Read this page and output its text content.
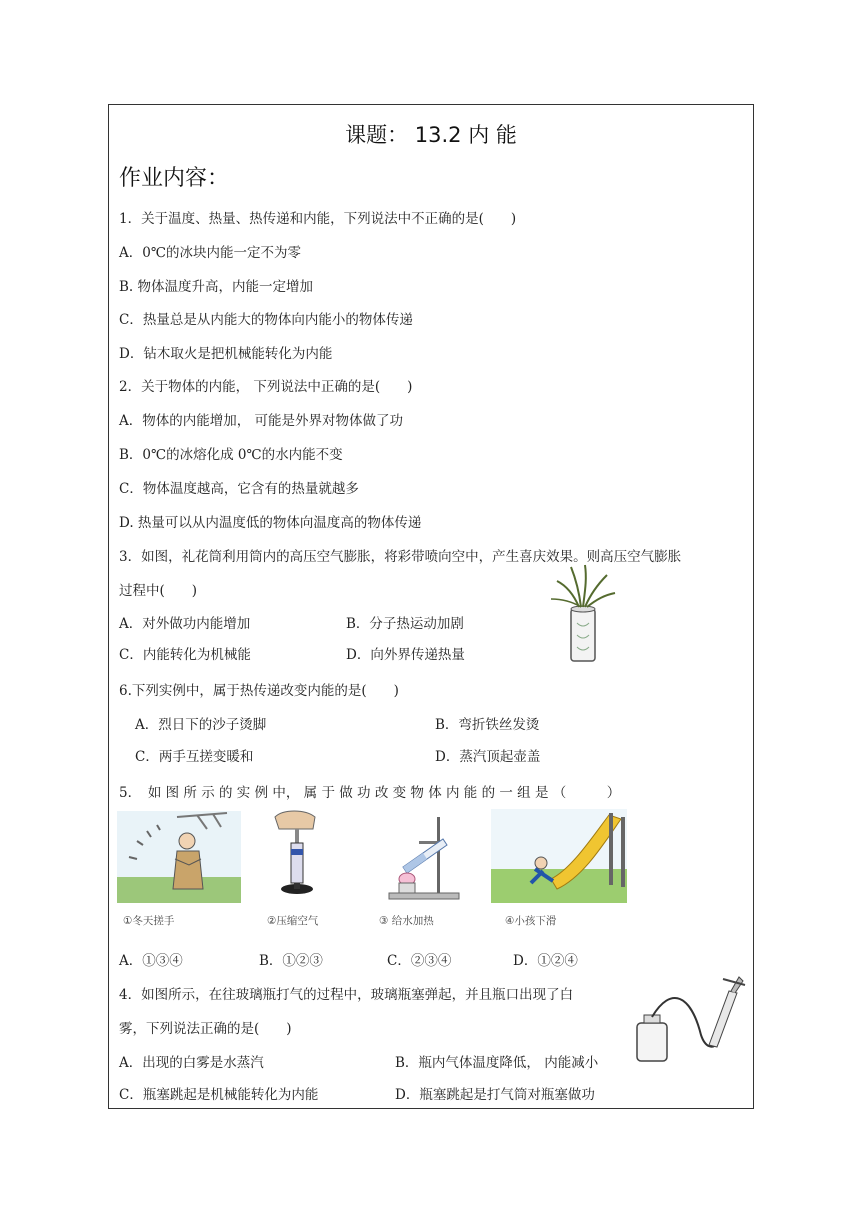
课题： 13.2 内 能
作业内容：
1．关于温度、热量、热传递和内能，下列说法中不正确的是(　　)
A．0℃的冰块内能一定不为零
B. 物体温度升高，内能一定增加
C．热量总是从内能大的物体向内能小的物体传递
D．钻木取火是把机械能转化为内能
2．关于物体的内能， 下列说法中正确的是(　　)
A．物体的内能增加， 可能是外界对物体做了功
B．0℃的冰熔化成 0℃的水内能不变
C．物体温度越高，它含有的热量就越多
D. 热量可以从内温度低的物体向温度高的物体传递
3．如图，礼花筒利用筒内的高压空气膨胀，将彩带喷向空中，产生喜庆效果。则高压空气膨胀
过程中(　　)
A．对外做功内能增加	B．分子热运动加剧
C．内能转化为机械能	D．向外界传递热量
6.下列实例中，属于热传递改变内能的是(　　)
A．烈日下的沙子烫脚	B．弯折铁丝发烫
C．两手互搓变暖和	D．蒸汽顶起壶盖
5．　如 图 所 示 的 实 例 中， 属 于 做 功 改 变 物 体 内 能 的 一 组 是 （　　　）
①冬天搓手	②压缩空气	③ 给水加热	④小孩下滑
A．①③④	B．①②③	C．②③④	D．①②④
4．如图所示，在往玻璃瓶打气的过程中，玻璃瓶塞弹起，并且瓶口出现了白
雾，下列说法正确的是(　　)
A．出现的白雾是水蒸汽	B．瓶内气体温度降低， 内能减小
C．瓶塞跳起是机械能转化为内能	D．瓶塞跳起是打气筒对瓶塞做功
